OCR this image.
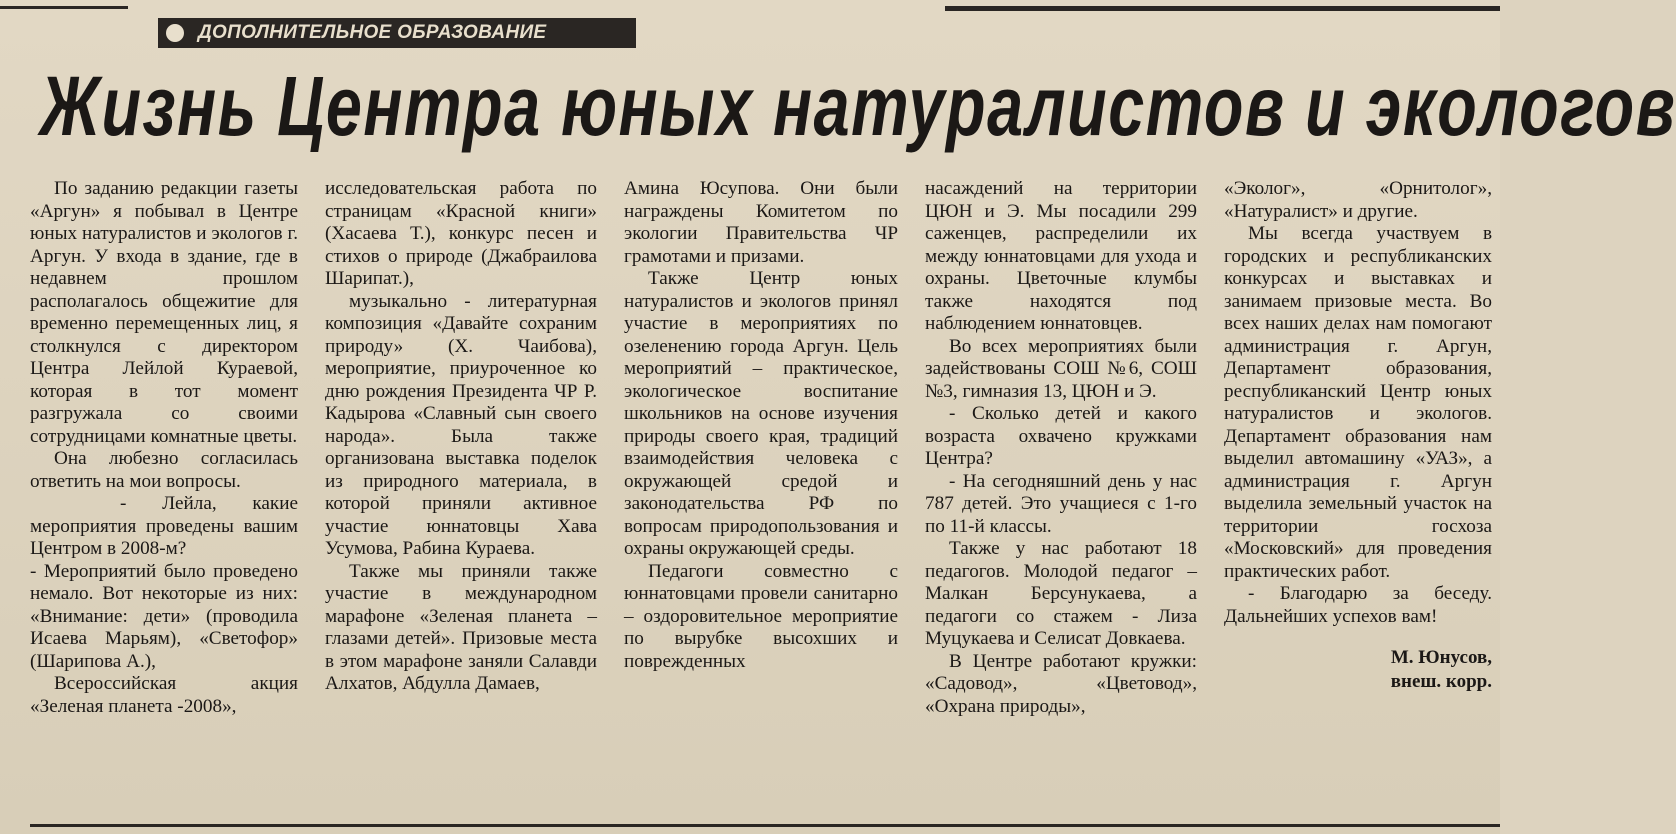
ДОПОЛНИТЕЛЬНОЕ ОБРАЗОВАНИЕ
Жизнь Центра юных натуралистов и экологов

По заданию редакции газеты «Аргун» я побывал в Центре юных натуралистов и экологов г. Аргун. У входа в здание, где в недавнем прошлом располагалось общежитие для временно перемещенных лиц, я столкнулся с директором Центра Лейлой Кураевой, которая в тот момент разгружала со своими сотрудницами комнатные цветы.

Она любезно согласилась ответить на мои вопросы.

- Лейла, какие мероприятия проведены вашим Центром в 2008-м?

- Мероприятий было проведено немало. Вот некоторые из них: «Внимание: дети» (проводила Исаева Марьям), «Светофор» (Шарипова А.),

Всероссийская акция «Зеленая планета -2008»,

исследовательская работа по страницам «Красной книги» (Хасаева Т.), конкурс песен и стихов о природе (Джабраилова Шарипат.),

музыкально - литературная композиция «Давайте сохраним природу» (Х. Чаибова), мероприятие, приуроченное ко дню рождения Президента ЧР Р. Кадырова «Славный сын своего народа». Была также организована выставка поделок из природного материала, в которой приняли активное участие юннатовцы Хава Усумова, Рабина Кураева.

Также мы приняли также участие в международном марафоне «Зеленая планета – глазами детей». Призовые места в этом марафоне заняли Салавди Алхатов, Абдулла Дамаев,

Амина Юсупова. Они были награждены Комитетом по экологии Правительства ЧР грамотами и призами.

Также Центр юных натуралистов и экологов принял участие в мероприятиях по озеленению города Аргун. Цель мероприятий – практическое, экологическое воспитание школьников на основе изучения природы своего края, традиций взаимодействия человека с окружающей средой и законодательства РФ по вопросам природопользования и охраны окружающей среды.

Педагоги совместно с юннатовцами провели санитарно – оздоровительное мероприятие по вырубке высохших и поврежденных

насаждений на территории ЦЮН и Э. Мы посадили 299 саженцев, распределили их между юннатовцами для ухода и охраны. Цветочные клумбы также находятся под наблюдением юннатовцев.

Во всех мероприятиях были задействованы СОШ №6, СОШ №3, гимназия 13, ЦЮН и Э.

- Сколько детей и какого возраста охвачено кружками Центра?

- На сегодняшний день у нас 787 детей. Это учащиеся с 1-го по 11-й классы.

Также у нас работают 18 педагогов. Молодой педагог – Малкан Берсунукаева, а педагоги со стажем - Лиза Муцукаева и Селисат Довкаева.

В Центре работают кружки: «Садовод», «Цветовод», «Охрана природы»,

«Эколог», «Орнитолог», «Натуралист» и другие.

Мы всегда участвуем в городских и республиканских конкурсах и выставках и занимаем призовые места. Во всех наших делах нам помогают администрация г. Аргун, Департамент образования, республиканский Центр юных натуралистов и экологов. Департамент образования нам выделил автомашину «УАЗ», а администрация г. Аргун выделила земельный участок на территории госхоза «Московский» для проведения практических работ.

- Благодарю за беседу. Дальнейших успехов вам!

М. Юнусов,
внеш. корр.
